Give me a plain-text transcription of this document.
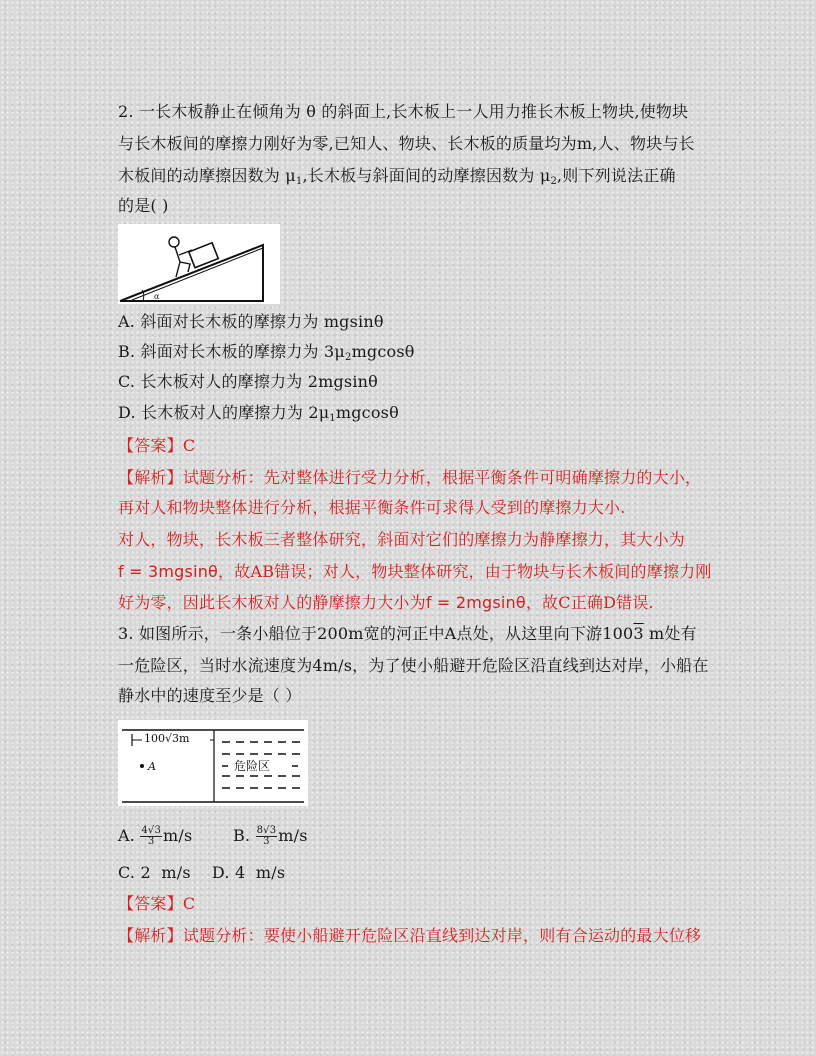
2. 一长木板静止在倾角为 θ 的斜面上,长木板上一人用力推长木板上物块,使物块
与长木板间的摩擦力刚好为零,已知人、物块、长木板的质量均为m,人、物块与长
木板间的动摩擦因数为 $\mu_1$,长木板与斜面间的动摩擦因数为 $\mu_2$,则下列说法正确
的是( )
α
A. 斜面对长木板的摩擦力为 mgsinθ
B. 斜面对长木板的摩擦力为 $3\mu_2mgcos\theta$
C. 长木板对人的摩擦力为 2mgsinθ
D. 长木板对人的摩擦力为 $2\mu_1mgcos\theta$
【答案】C
【解析】试题分析：先对整体进行受力分析，根据平衡条件可明确摩擦力的大小，
再对人和物块整体进行分析，根据平衡条件可求得人受到的摩擦力大小.
对人，物块，长木板三者整体研究，斜面对它们的摩擦力为静摩擦力，其大小为
f = 3mgsinθ，故AB错误；对人，物块整体研究，由于物块与长木板间的摩擦力刚
好为零，因此长木板对人的静摩擦力大小为f = 2mgsinθ，故C正确D错误.
3. 如图所示，一条小船位于200m宽的河正中A点处，从这里向下游1003 m处有
一危险区，当时水流速度为4m/s，为了使小船避开危险区沿直线到达对岸，小船在
静水中的速度至少是（ ）
100√3m
A	危险区
A. $\frac{4√3}{3} m/s$	B. $\frac{8√3}{3} m/s$
C. 2  m/s    D. 4  m/s
【答案】C
【解析】试题分析：要使小船避开危险区沿直线到达对岸，则有合运动的最大位移
